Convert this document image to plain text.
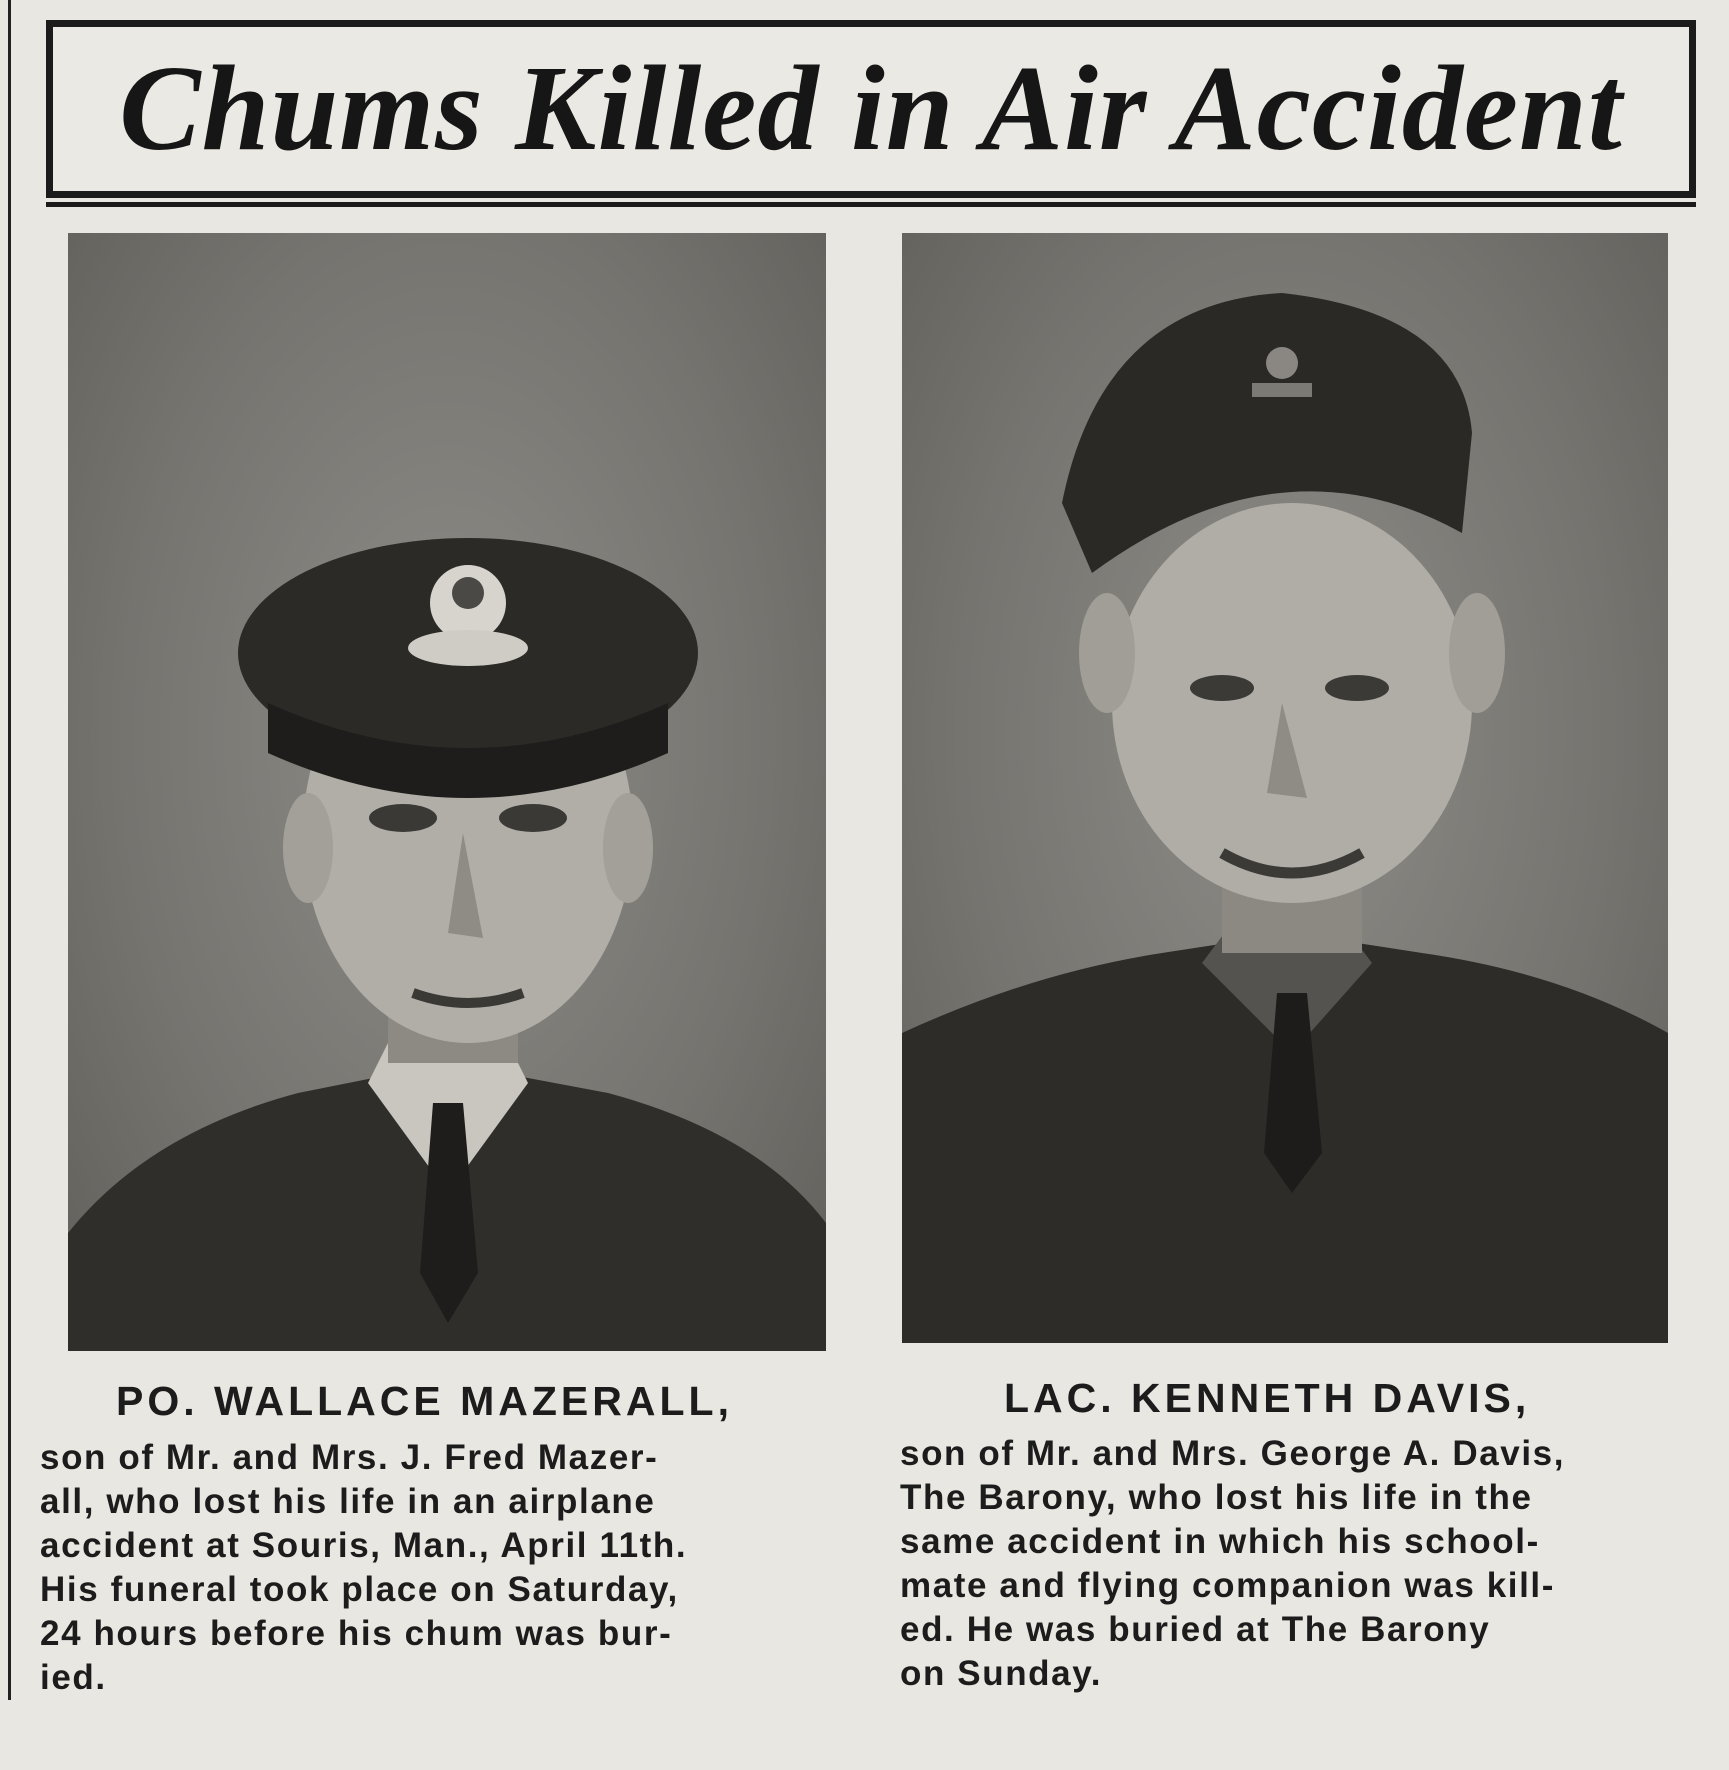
Chums Killed in Air Accident
PO. WALLACE MAZERALL,

son of Mr. and Mrs. J. Fred Mazer-
all, who lost his life in an airplane
accident at Souris, Man., April 11th.
His funeral took place on Saturday,
24 hours before his chum was bur-
ied.

LAC. KENNETH DAVIS,

son of Mr. and Mrs. George A. Davis,
The Barony, who lost his life in the
same accident in which his school-
mate and flying companion was kill-
ed. He was buried at The Barony
on Sunday.
